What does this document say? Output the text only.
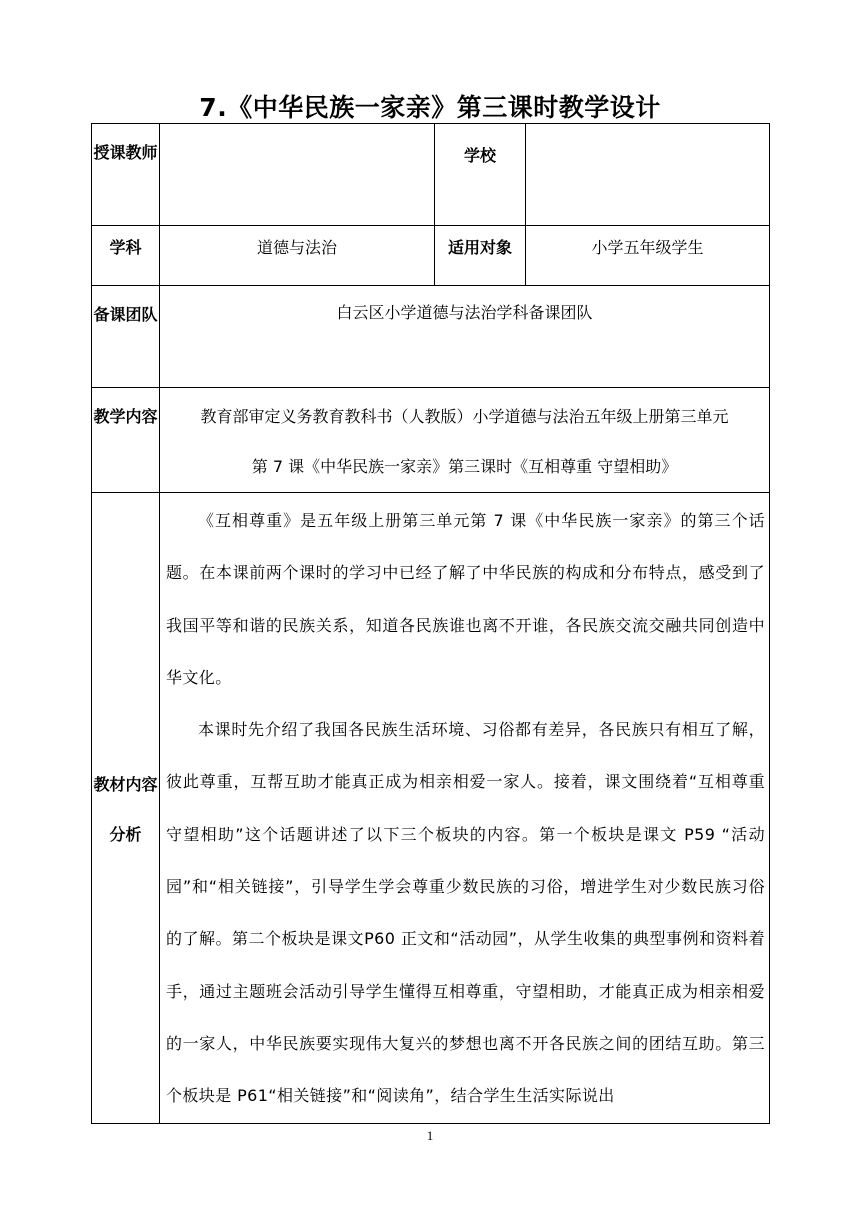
7.《中华民族一家亲》第三课时教学设计
授课教师		学校	
学科	道德与法治	适用对象	小学五年级学生
备课团队	白云区小学道德与法治学科备课团队		
教学内容	教育部审定义务教育教科书（人教版）小学道德与法治五年级上册第三单元
第 7 课《中华民族一家亲》第三课时《互相尊重 守望相助》		

教材内容分析	《互相尊重》是五年级上册第三单元第 7 课《中华民族一家亲》的第三个话题。在本课前两个课时的学习中已经了解了中华民族的构成和分布特点，感受到了我国平等和谐的民族关系，知道各民族谁也离不开谁，各民族交流交融共同创造中华文化。

本课时先介绍了我国各民族生活环境、习俗都有差异，各民族只有相互了解，彼此尊重，互帮互助才能真正成为相亲相爱一家人。接着，课文围绕着“互相尊重 守望相助”这个话题讲述了以下三个板块的内容。第一个板块是课文 P59 “活动园”和“相关链接”，引导学生学会尊重少数民族的习俗，增进学生对少数民族习俗的了解。第二个板块是课文P60 正文和“活动园”，从学生收集的典型事例和资料着手，通过主题班会活动引导学生懂得互相尊重，守望相助，才能真正成为相亲相爱的一家人，中华民族要实现伟大复兴的梦想也离不开各民族之间的团结互助。第三个板块是 P61“相关链接”和“阅读角”，结合学生生活实际说出		

1
